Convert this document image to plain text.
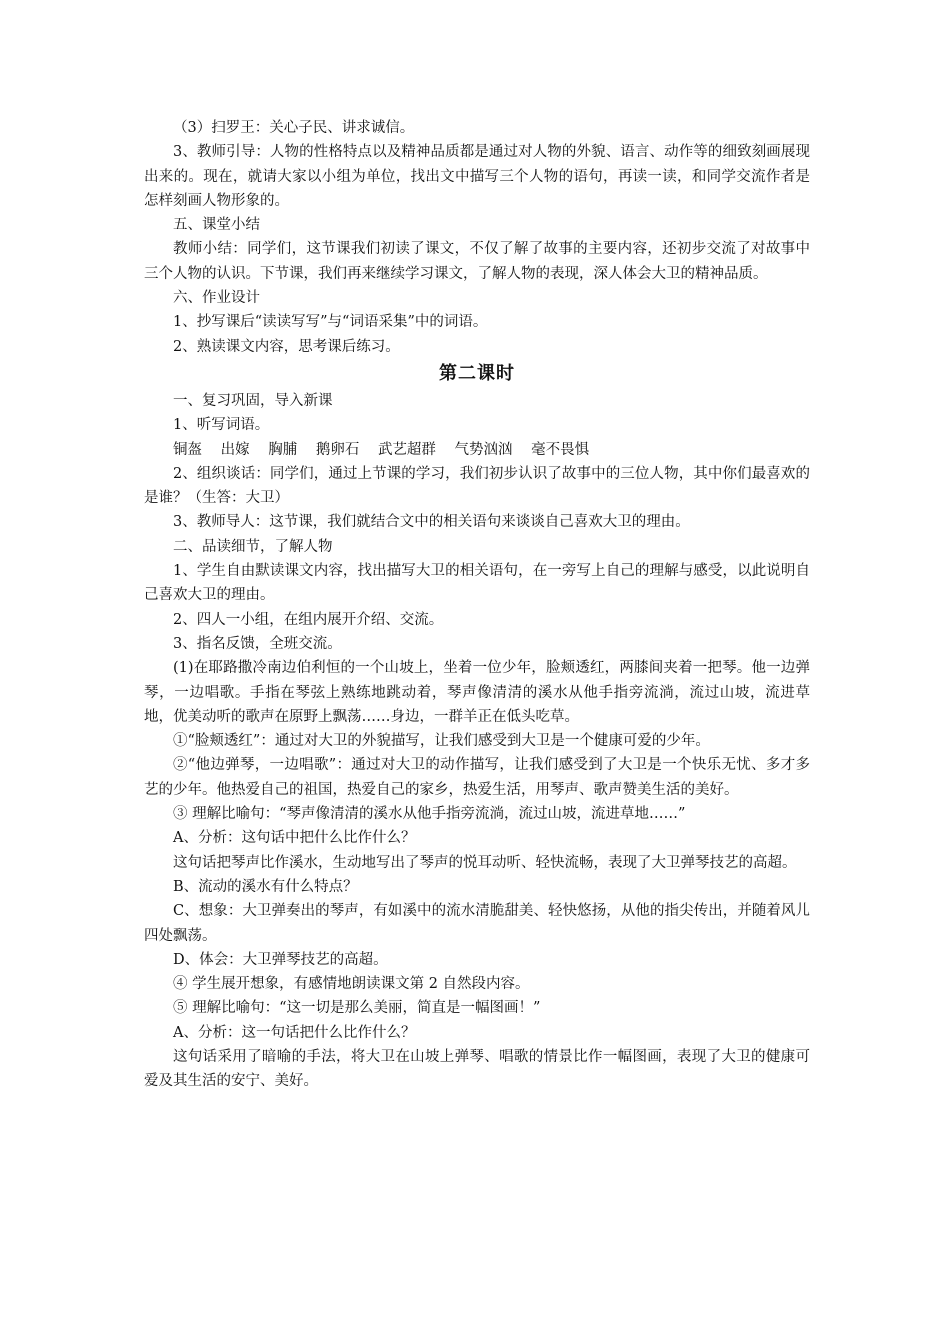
（3）扫罗王：关心子民、讲求诚信。

3、教师引导：人物的性格特点以及精神品质都是通过对人物的外貌、语言、动作等的细致刻画展现出来的。现在，就请大家以小组为单位，找出文中描写三个人物的语句，再读一读，和同学交流作者是怎样刻画人物形象的。

五、课堂小结

教师小结：同学们，这节课我们初读了课文，不仅了解了故事的主要内容，还初步交流了对故事中三个人物的认识。下节课，我们再来继续学习课文，了解人物的表现，深人体会大卫的精神品质。

六、作业设计

1、抄写课后“读读写写”与“词语采集”中的词语。

2、熟读课文内容，思考课后练习。

第二课时

一、复习巩固，导入新课

1、听写词语。

铜盔 出嫁 胸脯 鹅卵石 武艺超群 气势汹汹 毫不畏惧

2、组织谈话：同学们，通过上节课的学习，我们初步认识了故事中的三位人物，其中你们最喜欢的是谁？（生答：大卫）

3、教师导人：这节课，我们就结合文中的相关语句来谈谈自己喜欢大卫的理由。

二、品读细节，了解人物

1、学生自由默读课文内容，找出描写大卫的相关语句，在一旁写上自己的理解与感受，以此说明自己喜欢大卫的理由。

2、四人一小组，在组内展开介绍、交流。

3、指名反馈，全班交流。

(1)在耶路撒冷南边伯利恒的一个山坡上，坐着一位少年，脸颊透红，两膝间夹着一把琴。他一边弹琴，一边唱歌。手指在琴弦上熟练地跳动着，琴声像清清的溪水从他手指旁流淌，流过山坡，流进草地，优美动听的歌声在原野上飘荡……身边，一群羊正在低头吃草。

①“脸颊透红”：通过对大卫的外貌描写，让我们感受到大卫是一个健康可爱的少年。

②“他边弹琴，一边唱歌”：通过对大卫的动作描写，让我们感受到了大卫是一个快乐无忧、多才多艺的少年。他热爱自己的祖国，热爱自己的家乡，热爱生活，用琴声、歌声赞美生活的美好。

③ 理解比喻句：“琴声像清清的溪水从他手指旁流淌，流过山坡，流进草地……”

A、分析：这句话中把什么比作什么？

这句话把琴声比作溪水，生动地写出了琴声的悦耳动听、轻快流畅，表现了大卫弹琴技艺的高超。

B、流动的溪水有什么特点？

C、想象：大卫弹奏出的琴声，有如溪中的流水清脆甜美、轻快悠扬，从他的指尖传出，并随着风儿四处飘荡。

D、体会：大卫弹琴技艺的高超。

④ 学生展开想象，有感情地朗读课文第 2 自然段内容。

⑤ 理解比喻句：“这一切是那么美丽，简直是一幅图画！”

A、分析：这一句话把什么比作什么？

这句话采用了暗喻的手法，将大卫在山坡上弹琴、唱歌的情景比作一幅图画，表现了大卫的健康可爱及其生活的安宁、美好。
